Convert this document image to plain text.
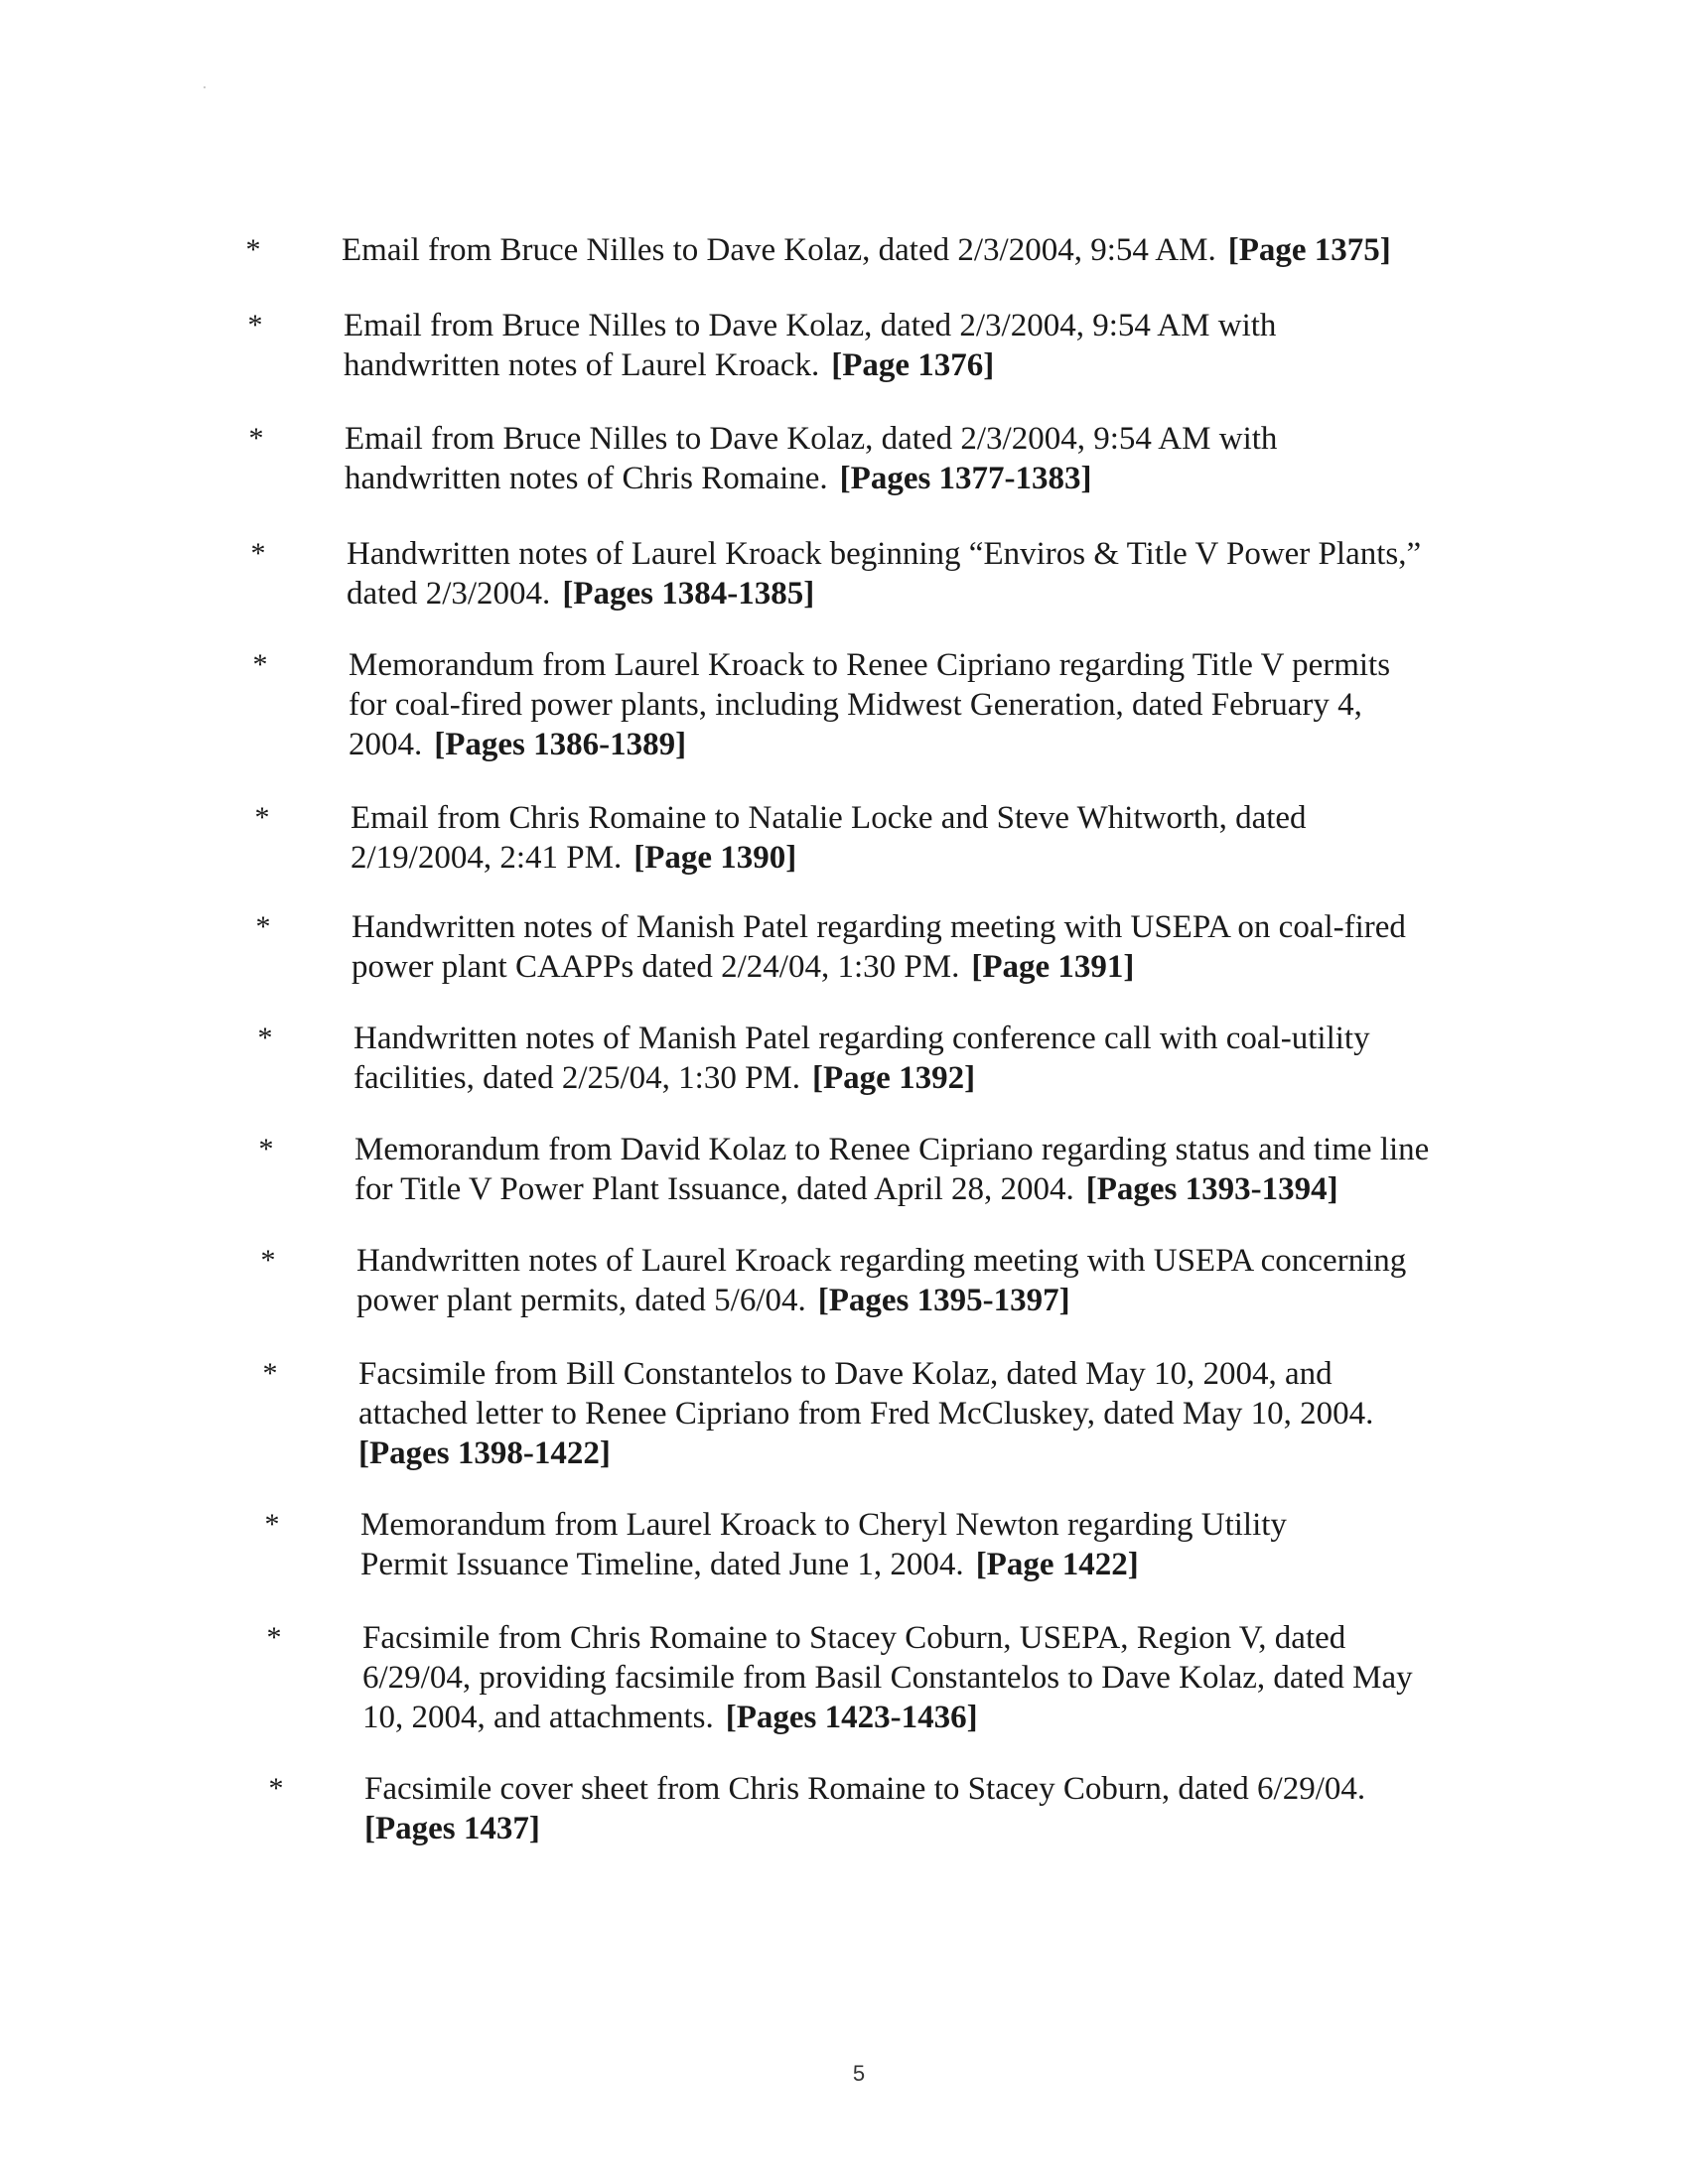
* Email from Bruce Nilles to Dave Kolaz, dated 2/3/2004, 9:54 AM. [Page 1375]
* Email from Bruce Nilles to Dave Kolaz, dated 2/3/2004, 9:54 AM with handwritten notes of Laurel Kroack. [Page 1376]
* Email from Bruce Nilles to Dave Kolaz, dated 2/3/2004, 9:54 AM with handwritten notes of Chris Romaine. [Pages 1377-1383]
* Handwritten notes of Laurel Kroack beginning “Enviros & Title V Power Plants,” dated 2/3/2004. [Pages 1384-1385]
* Memorandum from Laurel Kroack to Renee Cipriano regarding Title V permits for coal-fired power plants, including Midwest Generation, dated February 4, 2004. [Pages 1386-1389]
* Email from Chris Romaine to Natalie Locke and Steve Whitworth, dated 2/19/2004, 2:41 PM. [Page 1390]
* Handwritten notes of Manish Patel regarding meeting with USEPA on coal-fired power plant CAAPPs dated 2/24/04, 1:30 PM. [Page 1391]
* Handwritten notes of Manish Patel regarding conference call with coal-utility facilities, dated 2/25/04, 1:30 PM. [Page 1392]
* Memorandum from David Kolaz to Renee Cipriano regarding status and time line for Title V Power Plant Issuance, dated April 28, 2004. [Pages 1393-1394]
* Handwritten notes of Laurel Kroack regarding meeting with USEPA concerning power plant permits, dated 5/6/04. [Pages 1395-1397]
* Facsimile from Bill Constantelos to Dave Kolaz, dated May 10, 2004, and attached letter to Renee Cipriano from Fred McCluskey, dated May 10, 2004.
[Pages 1398-1422]
* Memorandum from Laurel Kroack to Cheryl Newton regarding Utility Permit Issuance Timeline, dated June 1, 2004. [Page 1422]
* Facsimile from Chris Romaine to Stacey Coburn, USEPA, Region V, dated 6/29/04, providing facsimile from Basil Constantelos to Dave Kolaz, dated May 10, 2004, and attachments. [Pages 1423-1436]
* Facsimile cover sheet from Chris Romaine to Stacey Coburn, dated 6/29/04.
[Pages 1437]
5
